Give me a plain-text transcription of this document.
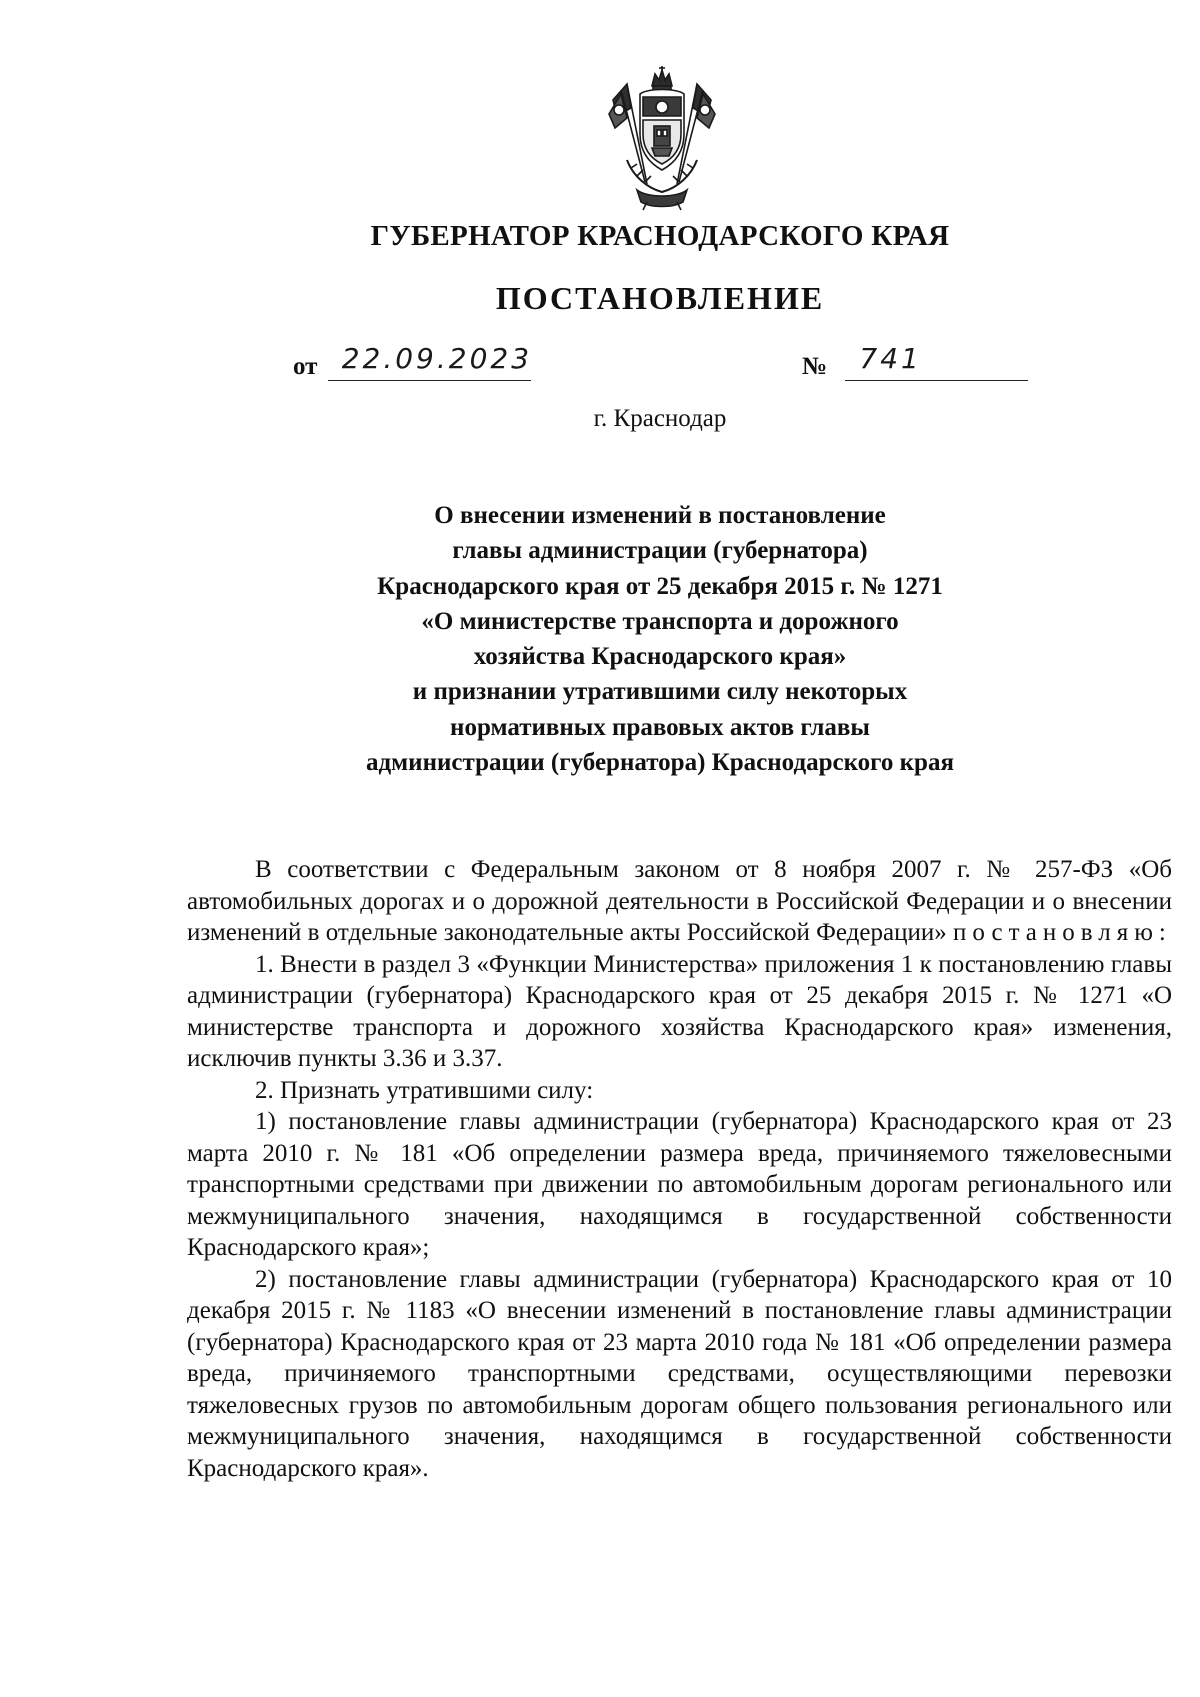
ГУБЕРНАТОР КРАСНОДАРСКОГО КРАЯ
ПОСТАНОВЛЕНИЕ
от 22.09.2023	№ 741
г. Краснодар
О внесении изменений в постановление
главы администрации (губернатора)
Краснодарского края от 25 декабря 2015 г. № 1271
«О министерстве транспорта и дорожного
хозяйства Краснодарского края»
и признании утратившими силу некоторых
нормативных правовых актов главы
администрации (губернатора) Краснодарского края

В соответствии с Федеральным законом от 8 ноября 2007 г. № 257-ФЗ «Об автомобильных дорогах и о дорожной деятельности в Российской Федерации и о внесении изменений в отдельные законодательные акты Российской Федерации» постановляю:

1. Внести в раздел 3 «Функции Министерства» приложения 1 к постановлению главы администрации (губернатора) Краснодарского края от 25 декабря 2015 г. № 1271 «О министерстве транспорта и дорожного хозяйства Краснодарского края» изменения, исключив пункты 3.36 и 3.37.

2. Признать утратившими силу:

1) постановление главы администрации (губернатора) Краснодарского края от 23 марта 2010 г. № 181 «Об определении размера вреда, причиняемого тяжеловесными транспортными средствами при движении по автомобильным дорогам регионального или межмуниципального значения, находящимся в государственной собственности Краснодарского края»;

2) постановление главы администрации (губернатора) Краснодарского края от 10 декабря 2015 г. № 1183 «О внесении изменений в постановление главы администрации (губернатора) Краснодарского края от 23 марта 2010 года № 181 «Об определении размера вреда, причиняемого транспортными средствами, осуществляющими перевозки тяжеловесных грузов по автомобильным дорогам общего пользования регионального или межмуниципального значения, находящимся в государственной собственности Краснодарского края».
